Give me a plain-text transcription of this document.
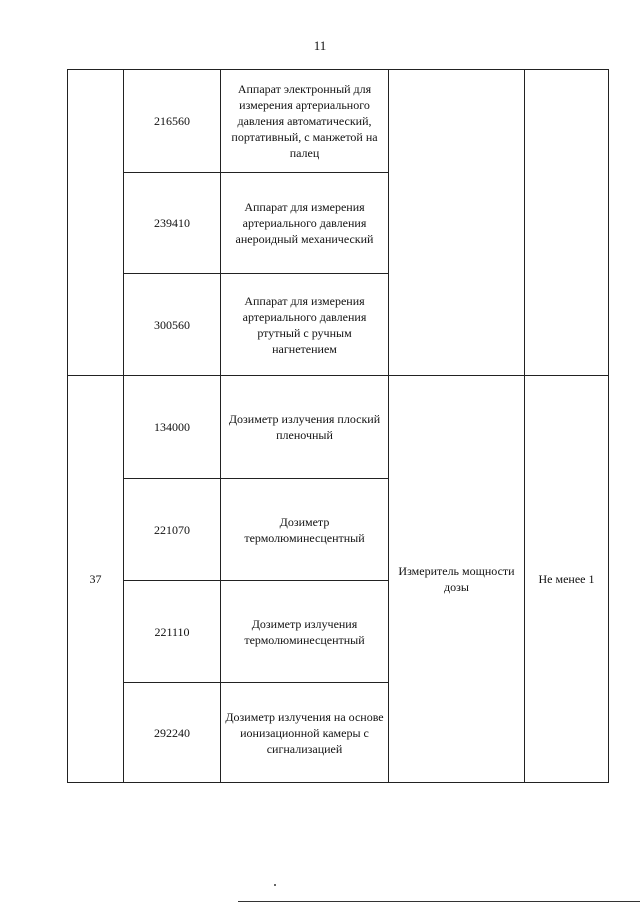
11
	216560	Аппарат электронный для измерения артериального давления автоматический, портативный, с манжетой на палец		
	239410	Аппарат для измерения артериального давления анероидный механический		
	300560	Аппарат для измерения артериального давления ртутный с ручным нагнетением		
37	134000	Дозиметр излучения плоский пленочный	Измеритель мощности дозы	Не менее 1
	221070	Дозиметр термолюминесцентный		
	221110	Дозиметр излучения термолюминесцентный		
	292240	Дозиметр излучения на основе ионизационной камеры с сигнализацией		
